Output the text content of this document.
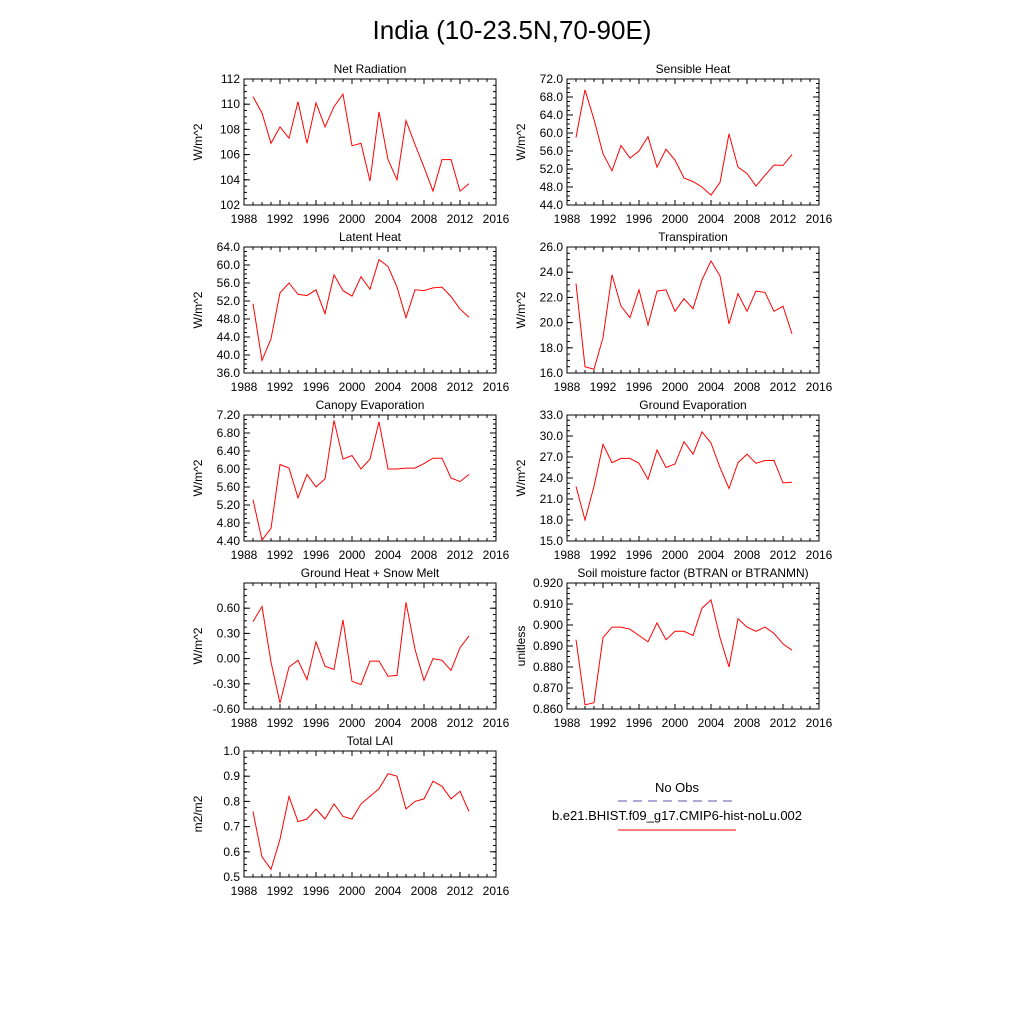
India (10-23.5N,70-90E)
Net Radiation
1988 1992 1996 2000 2004 2008 2012 2016
102
104
106
108
110
112
W/m^2
Sensible Heat
1988 1992 1996 2000 2004 2008 2012 2016
44.0
48.0
52.0
56.0
60.0
64.0
68.0
72.0
W/m^2
Latent Heat
1988 1992 1996 2000 2004 2008 2012 2016
36.0
40.0
44.0
48.0
52.0
56.0
60.0
64.0
W/m^2
Transpiration
1988 1992 1996 2000 2004 2008 2012 2016
16.0
18.0
20.0
22.0
24.0
26.0
W/m^2
Canopy Evaporation
1988 1992 1996 2000 2004 2008 2012 2016
4.40
4.80
5.20
5.60
6.00
6.40
6.80
7.20
W/m^2
Ground Evaporation
1988 1992 1996 2000 2004 2008 2012 2016
15.0
18.0
21.0
24.0
27.0
30.0
33.0
W/m^2
Ground Heat + Snow Melt
1988 1992 1996 2000 2004 2008 2012 2016
-0.60
-0.30
0.00
0.30
0.60
W/m^2
Soil moisture factor (BTRAN or BTRANMN)
1988 1992 1996 2000 2004 2008 2012 2016
0.860
0.870
0.880
0.890
0.900
0.910
0.920
unitless
Total LAI
1988 1992 1996 2000 2004 2008 2012 2016
0.5
0.6
0.7
0.8
0.9
1.0
m2/m2
No Obs
b.e21.BHIST.f09_g17.CMIP6-hist-noLu.002
